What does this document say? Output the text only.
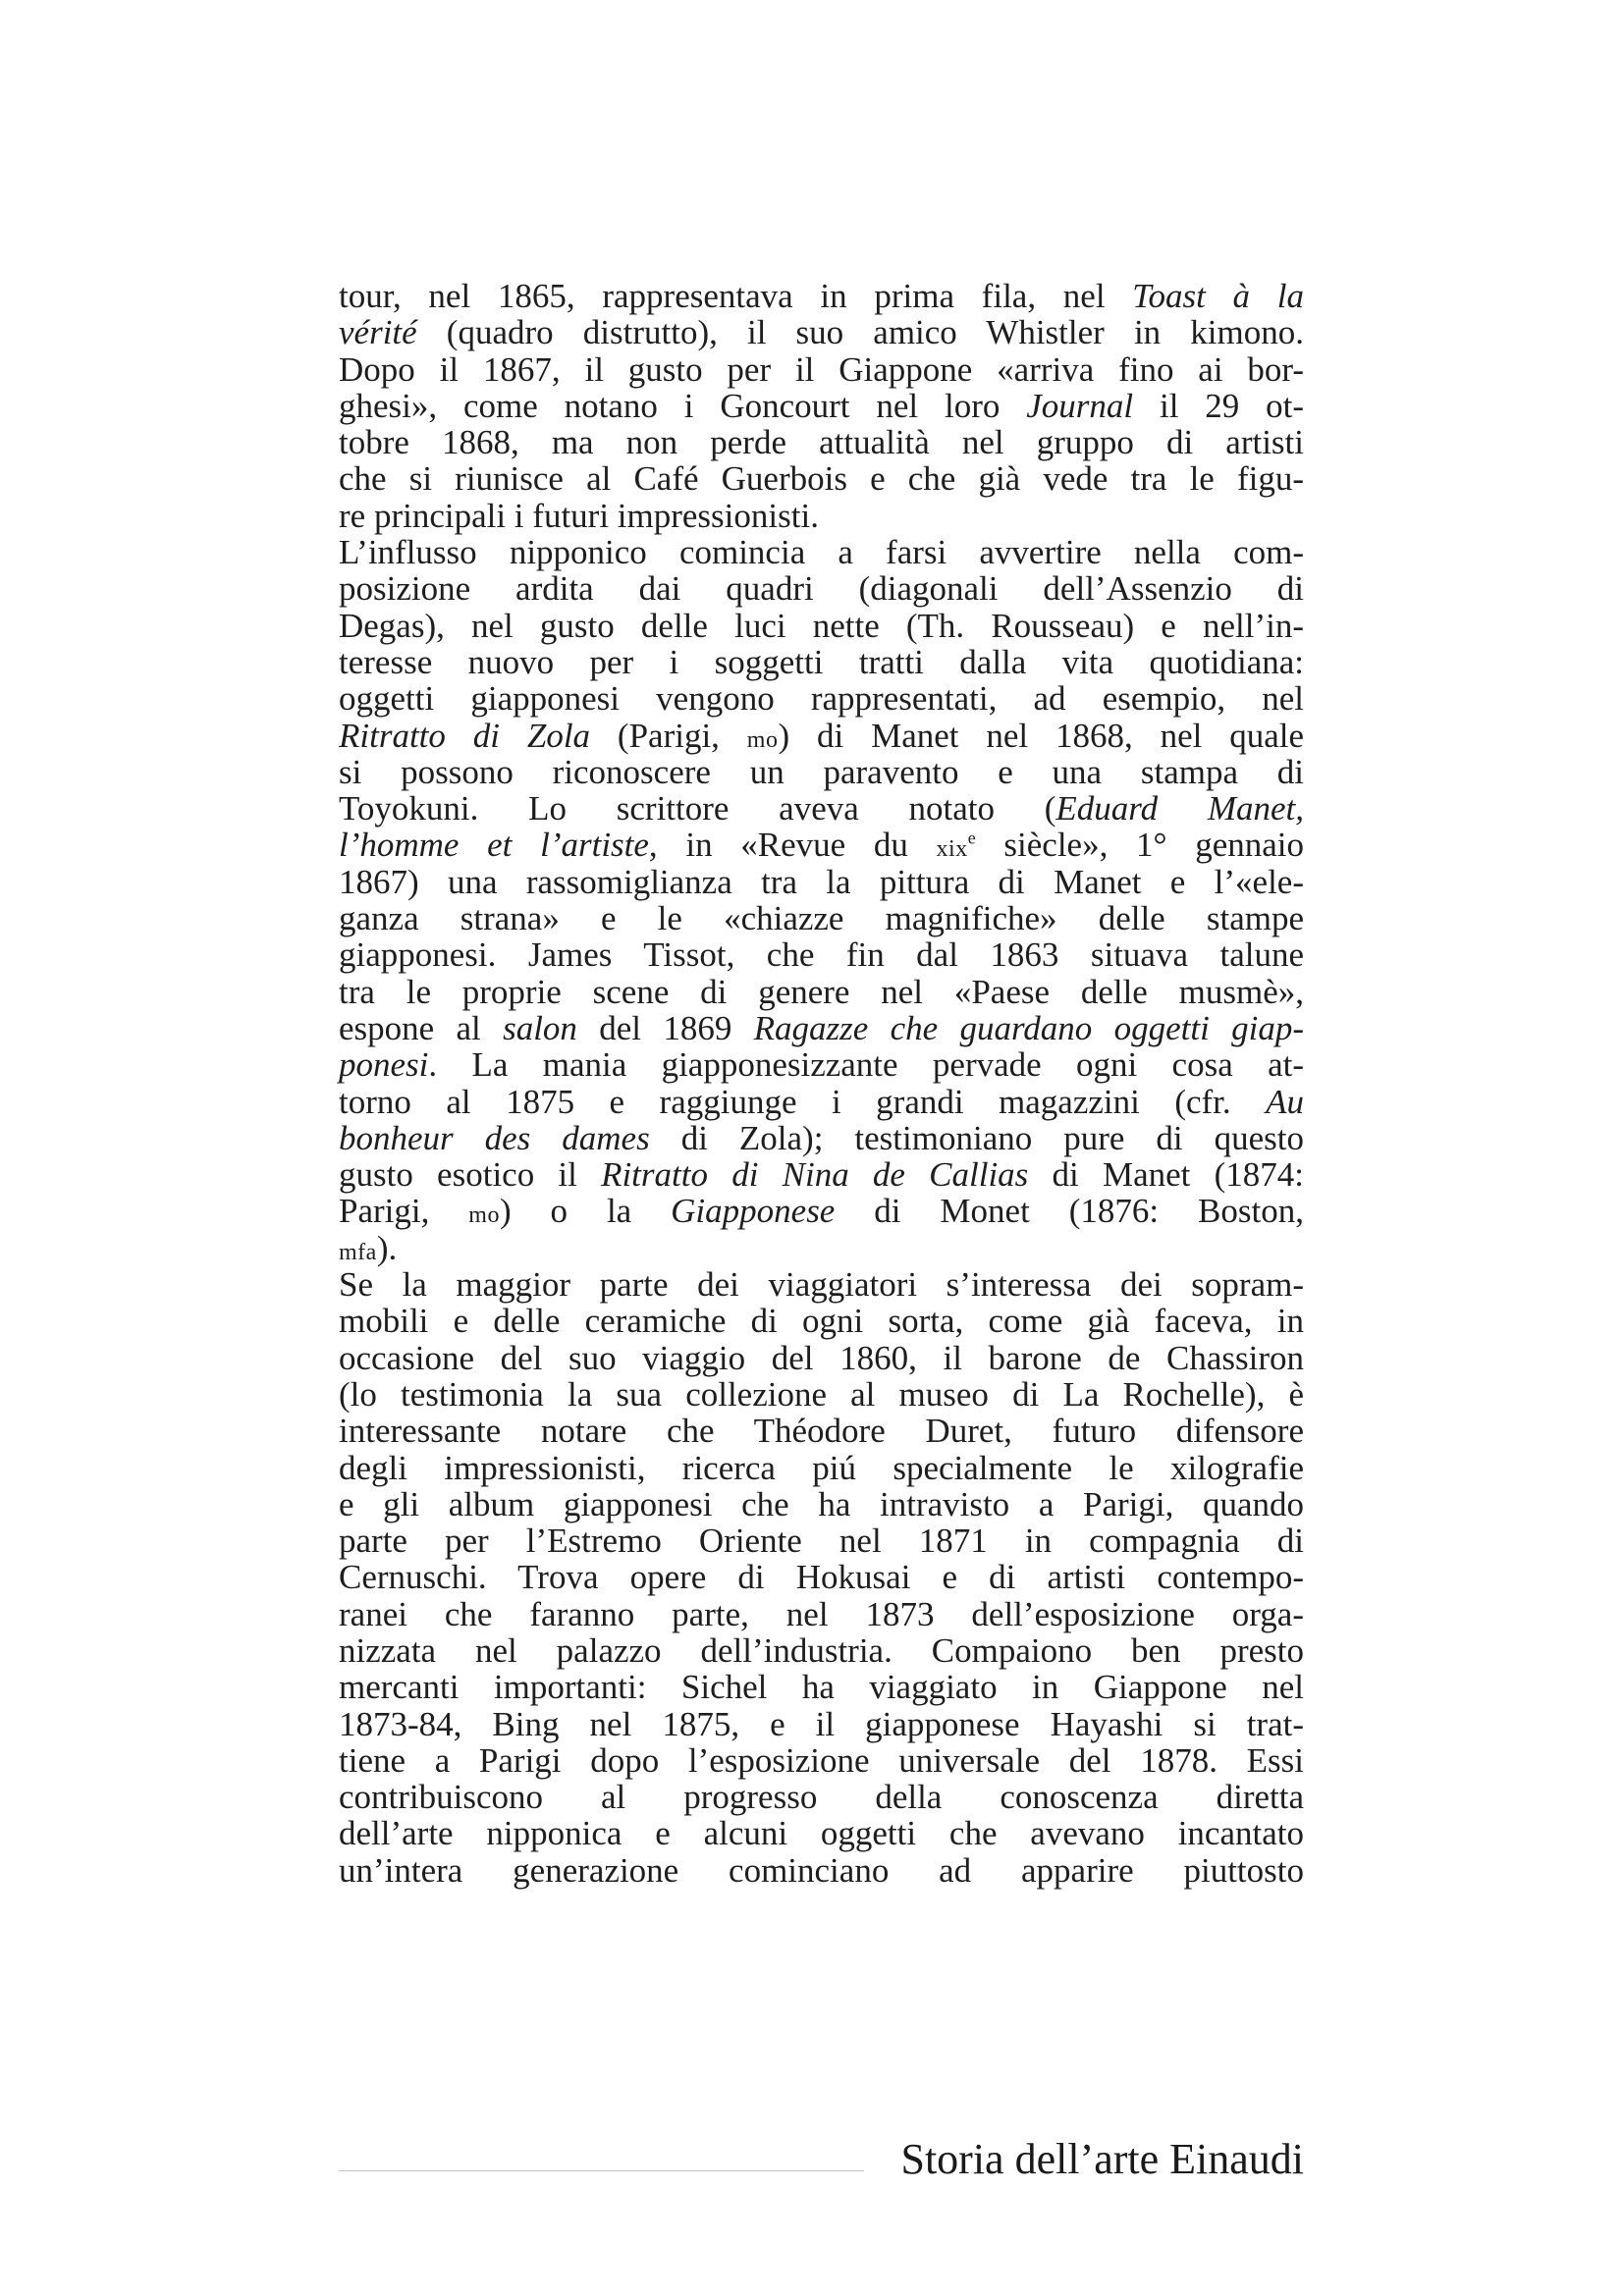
tour, nel 1865, rappresentava in prima fila, nel Toast à la
vérité (quadro distrutto), il suo amico Whistler in kimono.
Dopo il 1867, il gusto per il Giappone «arriva fino ai bor-
ghesi», come notano i Goncourt nel loro Journal il 29 ot-
tobre 1868, ma non perde attualità nel gruppo di artisti
che si riunisce al Café Guerbois e che già vede tra le figu-
re principali i futuri impressionisti.
L’influsso nipponico comincia a farsi avvertire nella com-
posizione ardita dai quadri (diagonali dell’Assenzio di
Degas), nel gusto delle luci nette (Th. Rousseau) e nell’in-
teresse nuovo per i soggetti tratti dalla vita quotidiana:
oggetti giapponesi vengono rappresentati, ad esempio, nel
Ritratto di Zola (Parigi, mo) di Manet nel 1868, nel quale
si possono riconoscere un paravento e una stampa di
Toyokuni. Lo scrittore aveva notato (Eduard Manet,
l’homme et l’artiste, in «Revue du xix$^e$ siècle», 1° gennaio
1867) una rassomiglianza tra la pittura di Manet e l’«ele-
ganza strana» e le «chiazze magnifiche» delle stampe
giapponesi. James Tissot, che fin dal 1863 situava talune
tra le proprie scene di genere nel «Paese delle musmè»,
espone al salon del 1869 Ragazze che guardano oggetti giap-
ponesi. La mania giapponesizzante pervade ogni cosa at-
torno al 1875 e raggiunge i grandi magazzini (cfr. Au
bonheur des dames di Zola); testimoniano pure di questo
gusto esotico il Ritratto di Nina de Callias di Manet (1874:
Parigi, mo) o la Giapponese di Monet (1876: Boston,
mfa).
Se la maggior parte dei viaggiatori s’interessa dei sopram-
mobili e delle ceramiche di ogni sorta, come già faceva, in
occasione del suo viaggio del 1860, il barone de Chassiron
(lo testimonia la sua collezione al museo di La Rochelle), è
interessante notare che Théodore Duret, futuro difensore
degli impressionisti, ricerca piú specialmente le xilografie
e gli album giapponesi che ha intravisto a Parigi, quando
parte per l’Estremo Oriente nel 1871 in compagnia di
Cernuschi. Trova opere di Hokusai e di artisti contempo-
ranei che faranno parte, nel 1873 dell’esposizione orga-
nizzata nel palazzo dell’industria. Compaiono ben presto
mercanti importanti: Sichel ha viaggiato in Giappone nel
1873-84, Bing nel 1875, e il giapponese Hayashi si trat-
tiene a Parigi dopo l’esposizione universale del 1878. Essi
contribuiscono al progresso della conoscenza diretta
dell’arte nipponica e alcuni oggetti che avevano incantato
un’intera generazione cominciano ad apparire piuttosto
Storia dell’arte Einaudi
